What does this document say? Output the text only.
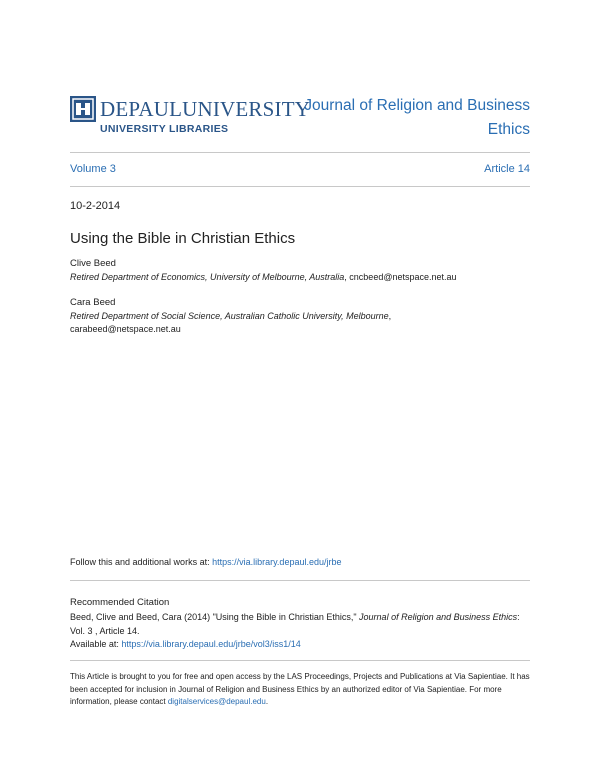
DEPAULUNIVERSITY
UNIVERSITY LIBRARIES
Journal of Religion and Business
Ethics
Volume 3	Article 14
10-2-2014
Using the Bible in Christian Ethics
Clive Beed
Retired Department of Economics, University of Melbourne, Australia, cncbeed@netspace.net.au
Cara Beed
Retired Department of Social Science, Australian Catholic University, Melbourne,
carabeed@netspace.net.au
Follow this and additional works at: https://via.library.depaul.edu/jrbe
Recommended Citation
Beed, Clive and Beed, Cara (2014) "Using the Bible in Christian Ethics," Journal of Religion and Business Ethics: Vol. 3 , Article 14.
Available at: https://via.library.depaul.edu/jrbe/vol3/iss1/14
This Article is brought to you for free and open access by the LAS Proceedings, Projects and Publications at Via Sapientiae. It has been accepted for inclusion in Journal of Religion and Business Ethics by an authorized editor of Via Sapientiae. For more information, please contact digitalservices@depaul.edu.
